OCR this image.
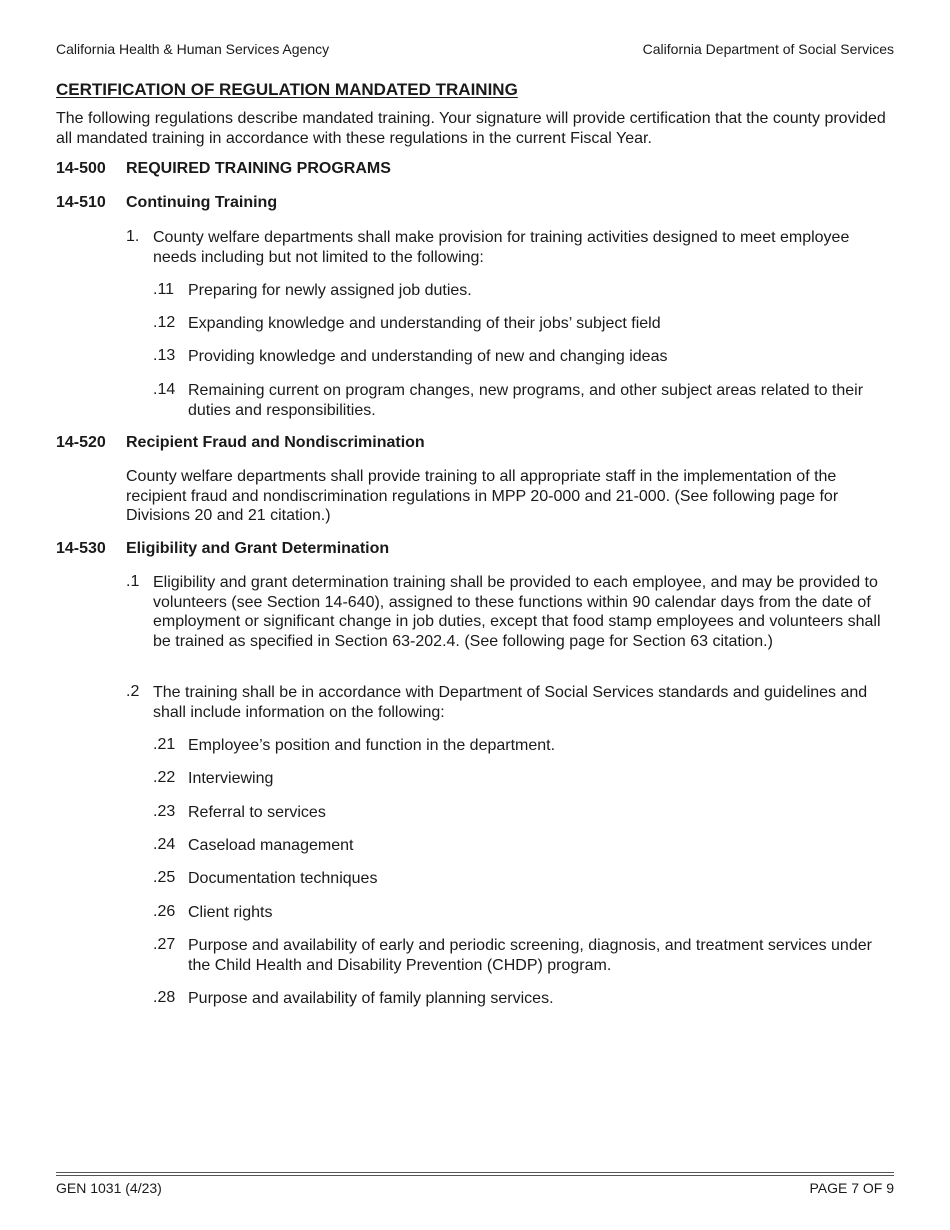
California Health & Human Services Agency	California Department of Social Services
CERTIFICATION OF REGULATION MANDATED TRAINING

The following regulations describe mandated training. Your signature will provide certification that the county provided all mandated training in accordance with these regulations in the current Fiscal Year.

14-500 REQUIRED TRAINING PROGRAMS
14-510 Continuing Training
1. County welfare departments shall make provision for training activities designed to meet employee needs including but not limited to the following:
.11 Preparing for newly assigned job duties.
.12 Expanding knowledge and understanding of their jobs’ subject field
.13 Providing knowledge and understanding of new and changing ideas
.14 Remaining current on program changes, new programs, and other subject areas related to their duties and responsibilities.
14-520 Recipient Fraud and Nondiscrimination
County welfare departments shall provide training to all appropriate staff in the implementation of the recipient fraud and nondiscrimination regulations in MPP 20-000 and 21-000. (See following page for Divisions 20 and 21 citation.)
14-530 Eligibility and Grant Determination
.1 Eligibility and grant determination training shall be provided to each employee, and may be provided to volunteers (see Section 14-640), assigned to these functions within 90 calendar days from the date of employment or significant change in job duties, except that food stamp employees and volunteers shall be trained as specified in Section 63-202.4. (See following page for Section 63 citation.)
.2 The training shall be in accordance with Department of Social Services standards and guidelines and shall include information on the following:
.21 Employee’s position and function in the department.
.22 Interviewing
.23 Referral to services
.24 Caseload management
.25 Documentation techniques
.26 Client rights
.27 Purpose and availability of early and periodic screening, diagnosis, and treatment services under the Child Health and Disability Prevention (CHDP) program.
.28 Purpose and availability of family planning services.
GEN 1031 (4/23)	PAGE 7 OF 9
